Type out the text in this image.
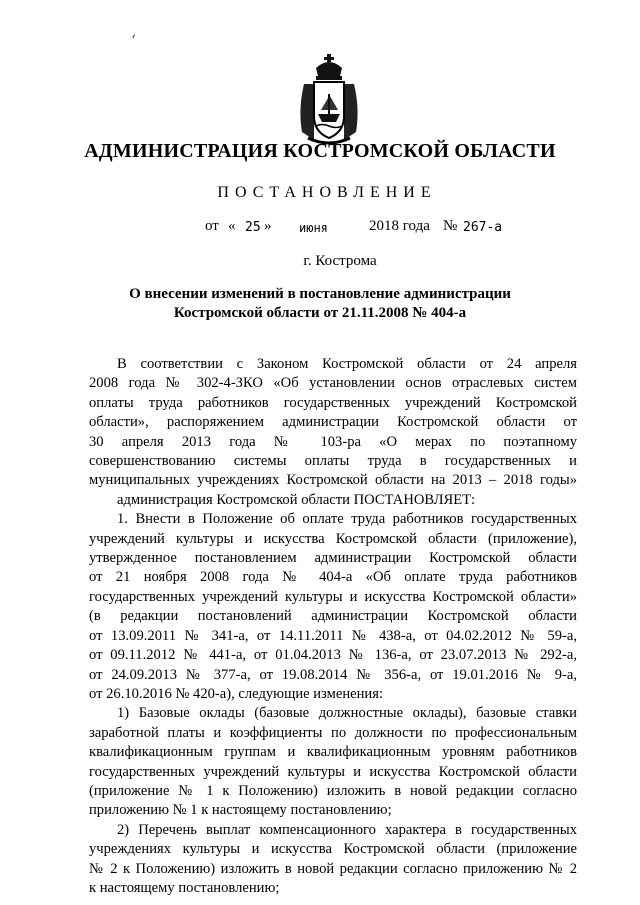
АДМИНИСТРАЦИЯ КОСТРОМСКОЙ ОБЛАСТИ
ПОСТАНОВЛЕНИЕ
от « 25 » июня	2018 года № 267-а
г. Кострома
О внесении изменений в постановление администрации
Костромской области от 21.11.2008 № 404-а

В соответствии с Законом Костромской области от 24 апреля

2008 года № 302-4-ЗКО «Об установлении основ отраслевых систем

оплаты труда работников государственных учреждений Костромской

области», распоряжением администрации Костромской области от

30 апреля 2013 года № 103-ра «О мерах по поэтапному

совершенствованию системы оплаты труда в государственных и

муниципальных учреждениях Костромской области на 2013 – 2018 годы»

администрация Костромской области ПОСТАНОВЛЯЕТ:

1. Внести в Положение об оплате труда работников государственных

учреждений культуры и искусства Костромской области (приложение),

утвержденное постановлением администрации Костромской области

от 21 ноября 2008 года № 404-а «Об оплате труда работников

государственных учреждений культуры и искусства Костромской области»

(в редакции постановлений администрации Костромской области

от 13.09.2011 № 341-а, от 14.11.2011 № 438-а, от 04.02.2012 № 59-а,

от 09.11.2012 № 441-а, от 01.04.2013 № 136-а, от 23.07.2013 № 292-а,

от 24.09.2013 № 377-а, от 19.08.2014 № 356-а, от 19.01.2016 № 9-а,

от 26.10.2016 № 420-а), следующие изменения:

1) Базовые оклады (базовые должностные оклады), базовые ставки

заработной платы и коэффициенты по должности по профессиональным

квалификационным группам и квалификационным уровням работников

государственных учреждений культуры и искусства Костромской области

(приложение № 1 к Положению) изложить в новой редакции согласно

приложению № 1 к настоящему постановлению;

2) Перечень выплат компенсационного характера в государственных

учреждениях культуры и искусства Костромской области (приложение

№ 2 к Положению) изложить в новой редакции согласно приложению № 2

к настоящему постановлению;
